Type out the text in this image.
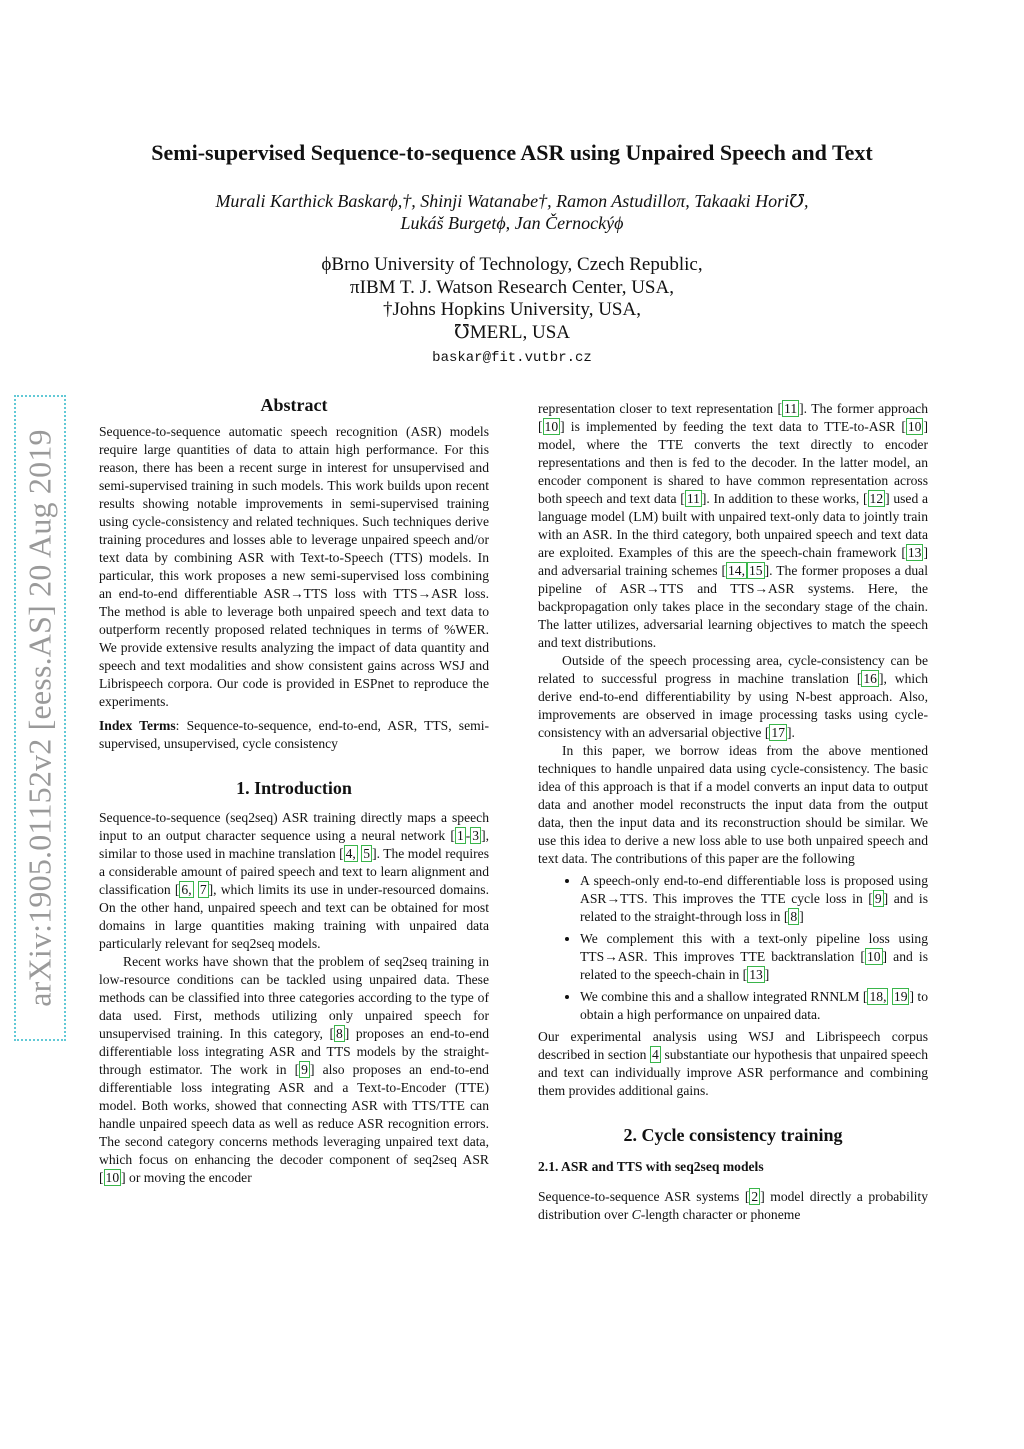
Semi-supervised Sequence-to-sequence ASR using Unpaired Speech and Text
Murali Karthick Baskarϕ,†, Shinji Watanabe†, Ramon Astudilloπ, Takaaki Hori℧,
Lukáš Burgetϕ, Jan Černockýϕ
ϕBrno University of Technology, Czech Republic,
πIBM T. J. Watson Research Center, USA,
†Johns Hopkins University, USA,
℧MERL, USA
baskar@fit.vutbr.cz
arXiv:1905.01152v2 [eess.AS] 20 Aug 2019
Abstract

Sequence-to-sequence automatic speech recognition (ASR) models require large quantities of data to attain high performance. For this reason, there has been a recent surge in interest for unsupervised and semi-supervised training in such models. This work builds upon recent results showing notable improvements in semi-supervised training using cycle-consistency and related techniques. Such techniques derive training procedures and losses able to leverage unpaired speech and/or text data by combining ASR with Text-to-Speech (TTS) models. In particular, this work proposes a new semi-supervised loss combining an end-to-end differentiable ASR→TTS loss with TTS→ASR loss. The method is able to leverage both unpaired speech and text data to outperform recently proposed related techniques in terms of %WER. We provide extensive results analyzing the impact of data quantity and speech and text modalities and show consistent gains across WSJ and Librispeech corpora. Our code is provided in ESPnet to reproduce the experiments.

Index Terms: Sequence-to-sequence, end-to-end, ASR, TTS, semi-supervised, unsupervised, cycle consistency

1. Introduction

Sequence-to-sequence (seq2seq) ASR training directly maps a speech input to an output character sequence using a neural network [ 1 - 3 ], similar to those used in machine translation [ 4, 5 ]. The model requires a considerable amount of paired speech and text to learn alignment and classification [ 6, 7 ], which limits its use in under-resourced domains. On the other hand, unpaired speech and text can be obtained for most domains in large quantities making training with unpaired data particularly relevant for seq2seq models.

Recent works have shown that the problem of seq2seq training in low-resource conditions can be tackled using unpaired data. These methods can be classified into three categories according to the type of data used. First, methods utilizing only unpaired speech for unsupervised training. In this category, [ 8 ] proposes an end-to-end differentiable loss integrating ASR and TTS models by the straight-through estimator. The work in [ 9 ] also proposes an end-to-end differentiable loss integrating ASR and a Text-to-Encoder (TTE) model. Both works, showed that connecting ASR with TTS/TTE can handle unpaired speech data as well as reduce ASR recognition errors. The second category concerns methods leveraging unpaired text data, which focus on enhancing the decoder component of seq2seq ASR [ 10 ] or moving the encoder

representation closer to text representation [ 11 ]. The former approach [ 10 ] is implemented by feeding the text data to TTE-to-ASR [ 10 ] model, where the TTE converts the text directly to encoder representations and then is fed to the decoder. In the latter model, an encoder component is shared to have common representation across both speech and text data [ 11 ]. In addition to these works, [ 12 ] used a language model (LM) built with unpaired text-only data to jointly train with an ASR. In the third category, both unpaired speech and text data are exploited. Examples of this are the speech-chain framework [ 13 ] and adversarial training schemes [ 14, 15 ]. The former proposes a dual pipeline of ASR→TTS and TTS→ASR systems. Here, the backpropagation only takes place in the secondary stage of the chain. The latter utilizes, adversarial learning objectives to match the speech and text distributions.

Outside of the speech processing area, cycle-consistency can be related to successful progress in machine translation [ 16 ], which derive end-to-end differentiability by using N-best approach. Also, improvements are observed in image processing tasks using cycle-consistency with an adversarial objective [ 17 ].

In this paper, we borrow ideas from the above mentioned techniques to handle unpaired data using cycle-consistency. The basic idea of this approach is that if a model converts an input data to output data and another model reconstructs the input data from the output data, then the input data and its reconstruction should be similar. We use this idea to derive a new loss able to use both unpaired speech and text data. The contributions of this paper are the following

• A speech-only end-to-end differentiable loss is proposed using ASR→TTS. This improves the TTE cycle loss in [ 9 ] and is related to the straight-through loss in [ 8 ]
• We complement this with a text-only pipeline loss using TTS→ASR. This improves TTE backtranslation [ 10 ] and is related to the speech-chain in [ 13 ]
• We combine this and a shallow integrated RNNLM [ 18, 19 ] to obtain a high performance on unpaired data.

Our experimental analysis using WSJ and Librispeech corpus described in section 4 substantiate our hypothesis that unpaired speech and text can individually improve ASR performance and combining them provides additional gains.

2. Cycle consistency training
2.1. ASR and TTS with seq2seq models

Sequence-to-sequence ASR systems [ 2 ] model directly a probability distribution over C-length character or phoneme
